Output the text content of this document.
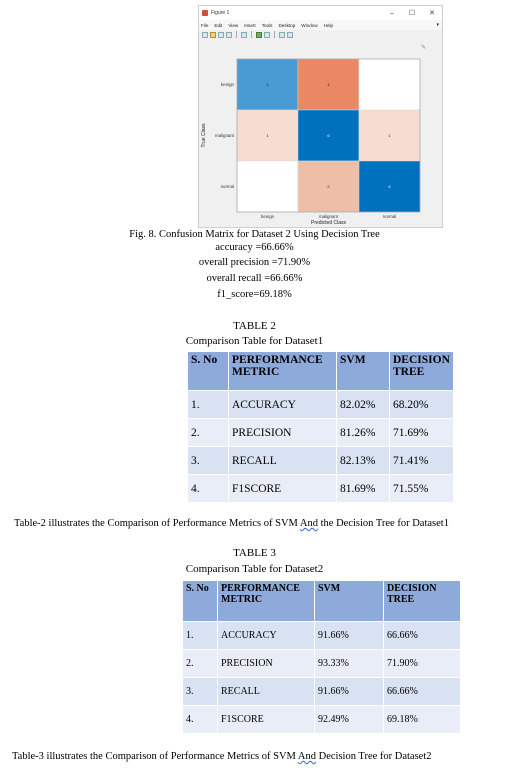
Figure 1	–	☐	✕
File Edit View Insert Tools Desktop Window Help	▾
✎
4	4
1	6	1
2	6
benign
benign
malignant
malignant
normal
normal
Predicted Class
True Class
Fig. 8. Confusion Matrix for Dataset 2 Using Decision Tree
accuracy =66.66%
overall precision =71.90%
overall recall =66.66%
f1_score=69.18%
TABLE 2
Comparison Table for Dataset1
S. No	PERFORMANCE METRIC	SVM	DECISION TREE
1.	ACCURACY	82.02%	68.20%
2.	PRECISION	81.26%	71.69%
3.	RECALL	82.13%	71.41%
4.	F1SCORE	81.69%	71.55%
Table-2 illustrates the Comparison of Performance Metrics of SVM And the Decision Tree for Dataset1
TABLE 3
Comparison Table for Dataset2
S. No	PERFORMANCE METRIC	SVM	DECISION TREE
1.	ACCURACY	91.66%	66.66%
2.	PRECISION	93.33%	71.90%
3.	RECALL	91.66%	66.66%
4.	F1SCORE	92.49%	69.18%
Table-3 illustrates the Comparison of Performance Metrics of SVM And Decision Tree for Dataset2
